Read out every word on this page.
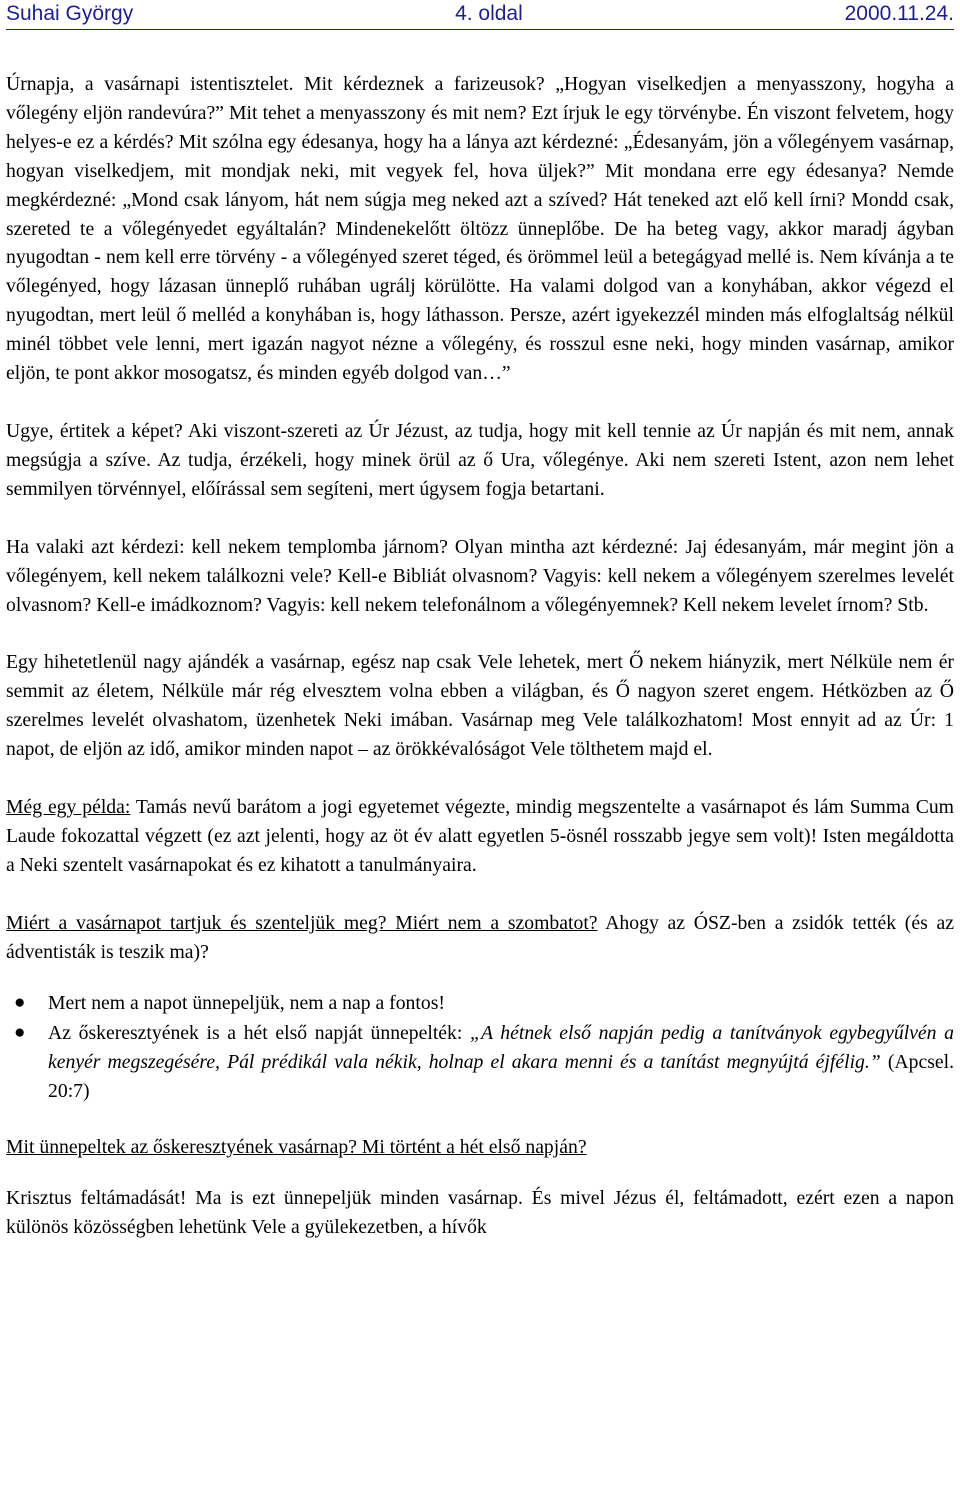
Suhai György	4. oldal	2000.11.24.

Úrnapja, a vasárnapi istentisztelet. Mit kérdeznek a farizeusok? „Hogyan viselkedjen a menyasszony, hogyha a vőlegény eljön randevúra?” Mit tehet a menyasszony és mit nem? Ezt írjuk le egy törvénybe. Én viszont felvetem, hogy helyes-e ez a kérdés? Mit szólna egy édesanya, hogy ha a lánya azt kérdezné: „Édesanyám, jön a vőlegényem vasárnap, hogyan viselkedjem, mit mondjak neki, mit vegyek fel, hova üljek?” Mit mondana erre egy édesanya? Nemde megkérdezné: „Mond csak lányom, hát nem súgja meg neked azt a szíved? Hát teneked azt elő kell írni? Mondd csak, szereted te a vőlegényedet egyáltalán? Mindenekelőtt öltözz ünneplőbe. De ha beteg vagy, akkor maradj ágyban nyugodtan - nem kell erre törvény - a vőlegényed szeret téged, és örömmel leül a betegágyad mellé is. Nem kívánja a te vőlegényed, hogy lázasan ünneplő ruhában ugrálj körülötte. Ha valami dolgod van a konyhában, akkor végezd el nyugodtan, mert leül ő melléd a konyhában is, hogy láthasson. Persze, azért igyekezzél minden más elfoglaltság nélkül minél többet vele lenni, mert igazán nagyot nézne a vőlegény, és rosszul esne neki, hogy minden vasárnap, amikor eljön, te pont akkor mosogatsz, és minden egyéb dolgod van…”

Ugye, értitek a képet? Aki viszont-szereti az Úr Jézust, az tudja, hogy mit kell tennie az Úr napján és mit nem, annak megsúgja a szíve. Az tudja, érzékeli, hogy minek örül az ő Ura, vőlegénye. Aki nem szereti Istent, azon nem lehet semmilyen törvénnyel, előírással sem segíteni, mert úgysem fogja betartani.

Ha valaki azt kérdezi: kell nekem templomba járnom? Olyan mintha azt kérdezné: Jaj édesanyám, már megint jön a vőlegényem, kell nekem találkozni vele? Kell-e Bibliát olvasnom? Vagyis: kell nekem a vőlegényem szerelmes levelét olvasnom? Kell-e imádkoznom? Vagyis: kell nekem telefonálnom a vőlegényemnek? Kell nekem levelet írnom? Stb.

Egy hihetetlenül nagy ajándék a vasárnap, egész nap csak Vele lehetek, mert Ő nekem hiányzik, mert Nélküle nem ér semmit az életem, Nélküle már rég elvesztem volna ebben a világban, és Ő nagyon szeret engem. Hétközben az Ő szerelmes levelét olvashatom, üzenhetek Neki imában. Vasárnap meg Vele találkozhatom! Most ennyit ad az Úr: 1 napot, de eljön az idő, amikor minden napot – az örökkévalóságot Vele tölthetem majd el.

Még egy példa: Tamás nevű barátom a jogi egyetemet végezte, mindig megszentelte a vasárnapot és lám Summa Cum Laude fokozattal végzett (ez azt jelenti, hogy az öt év alatt egyetlen 5-ösnél rosszabb jegye sem volt)! Isten megáldotta a Neki szentelt vasárnapokat és ez kihatott a tanulmányaira.

Miért a vasárnapot tartjuk és szenteljük meg? Miért nem a szombatot? Ahogy az ÓSZ-ben a zsidók tették (és az ádventisták is teszik ma)?

● Mert nem a napot ünnepeljük, nem a nap a fontos!
● Az őskeresztyének is a hét első napját ünnepelték: „A hétnek első napján pedig a tanítványok egybegyűlvén a kenyér megszegésére, Pál prédikál vala nékik, holnap el akara menni és a tanítást megnyújtá éjfélig.” (Apcsel. 20:7)

Mit ünnepeltek az őskeresztyének vasárnap? Mi történt a hét első napján?

Krisztus feltámadását! Ma is ezt ünnepeljük minden vasárnap. És mivel Jézus él, feltámadott, ezért ezen a napon különös közösségben lehetünk Vele a gyülekezetben, a hívők
